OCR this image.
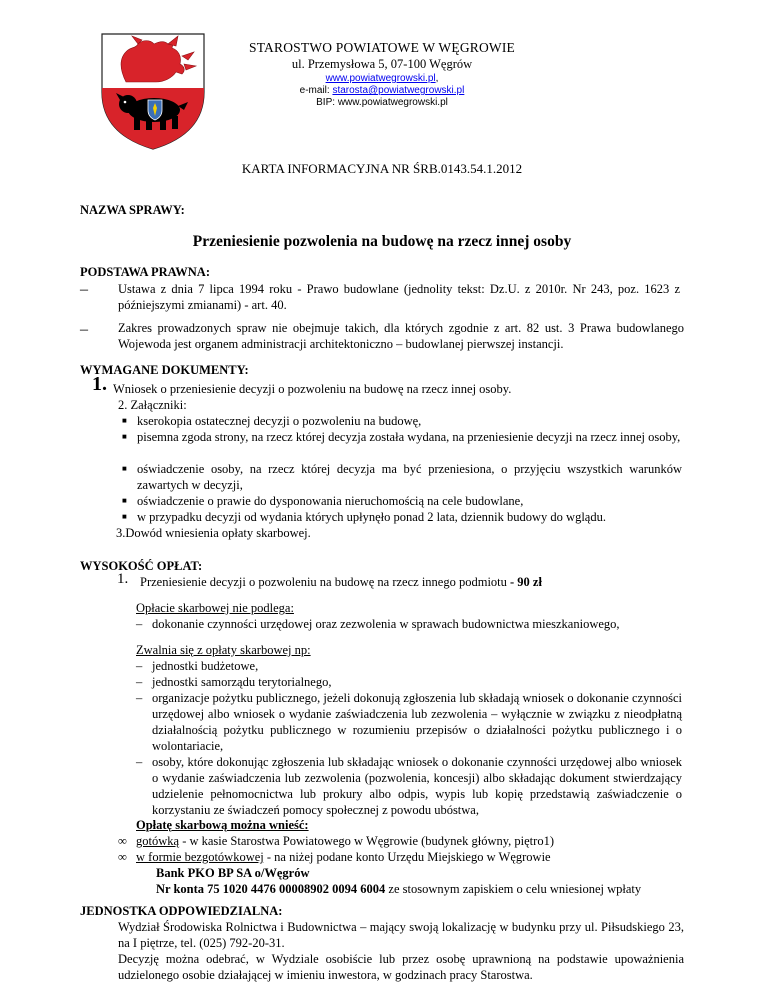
STAROSTWO POWIATOWE W WĘGROWIE
ul. Przemysłowa 5, 07-100 Węgrów
www.powiatwegrowski.pl,
e-mail: starosta@powiatwegrowski.pl
BIP: www.powiatwegrowski.pl
KARTA INFORMACYJNA NR ŚRB.0143.54.1.2012
NAZWA SPRAWY:
Przeniesienie pozwolenia na budowę na rzecz innej osoby
PODSTAWA PRAWNA:
– Ustawa z dnia 7 lipca 1994 roku - Prawo budowlane (jednolity tekst: Dz.U. z 2010r. Nr 243, poz. 1623 z późniejszymi zmianami) - art. 40.
– Zakres prowadzonych spraw nie obejmuje takich, dla których zgodnie z art. 82 ust. 3 Prawa budowlanego Wojewoda jest organem administracji architektoniczno – budowlanej pierwszej instancji.
WYMAGANE DOKUMENTY:
1. Wniosek o przeniesienie decyzji o pozwoleniu na budowę na rzecz innej osoby.
2. Załączniki:
■ kserokopia ostatecznej decyzji o pozwoleniu na budowę,
■ pisemna zgoda strony, na rzecz której decyzja została wydana, na przeniesienie decyzji na rzecz innej osoby,
■ oświadczenie osoby, na rzecz której decyzja ma być przeniesiona, o przyjęciu wszystkich warunków zawartych w decyzji,
■ oświadczenie o prawie do dysponowania nieruchomością na cele budowlane,
■ w przypadku decyzji od wydania których upłynęło ponad 2 lata, dziennik budowy do wglądu.
3.Dowód wniesienia opłaty skarbowej.
WYSOKOŚĆ OPŁAT:
1. Przeniesienie decyzji o pozwoleniu na budowę na rzecz innego podmiotu - 90 zł
Opłacie skarbowej nie podlega:
– dokonanie czynności urzędowej oraz zezwolenia w sprawach budownictwa mieszkaniowego,
Zwalnia się z opłaty skarbowej np:
– jednostki budżetowe,
– jednostki samorządu terytorialnego,
– organizacje pożytku publicznego, jeżeli dokonują zgłoszenia lub składają wniosek o dokonanie czynności urzędowej albo wniosek o wydanie zaświadczenia lub zezwolenia – wyłącznie w związku z nieodpłatną działalnością pożytku publicznego w rozumieniu przepisów o działalności pożytku publicznego i o wolontariacie,
– osoby, które dokonując zgłoszenia lub składając wniosek o dokonanie czynności urzędowej albo wniosek o wydanie zaświadczenia lub zezwolenia (pozwolenia, koncesji) albo składając dokument stwierdzający udzielenie pełnomocnictwa lub prokury albo odpis, wypis lub kopię przedstawią zaświadczenie o korzystaniu ze świadczeń pomocy społecznej z powodu ubóstwa,
Opłatę skarbową można wnieść:
∞ gotówką - w kasie Starostwa Powiatowego w Węgrowie (budynek główny, piętro1)
∞ w formie bezgotówkowej - na niżej podane konto Urzędu Miejskiego w Węgrowie
Bank PKO BP SA o/Węgrów
Nr konta 75 1020 4476 00008902 0094 6004 ze stosownym zapiskiem o celu wniesionej wpłaty
JEDNOSTKA ODPOWIEDZIALNA:
Wydział Środowiska Rolnictwa i Budownictwa – mający swoją lokalizację w budynku przy ul. Piłsudskiego 23, na I piętrze, tel. (025) 792-20-31.
Decyzję można odebrać, w Wydziale osobiście lub przez osobę uprawnioną na podstawie upoważnienia udzielonego osobie działającej w imieniu inwestora, w godzinach pracy Starostwa.
